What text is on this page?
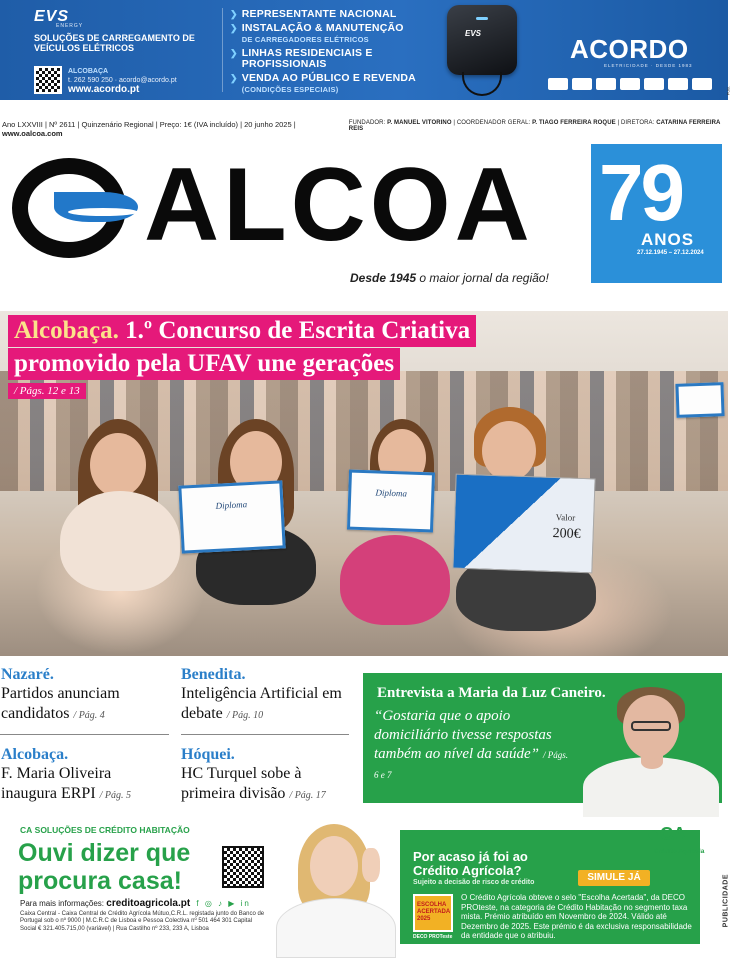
EVS
ENERGY
SOLUÇÕES DE CARREGAMENTO DE VEÍCULOS ELÉTRICOS
ALCOBAÇA
t. 262 590 250 · acordo@acordo.pt
www.acordo.pt
❯ REPRESENTANTE NACIONAL
❯ INSTALAÇÃO & MANUTENÇÃO
DE CARREGADORES ELÉTRICOS
❯ LINHAS RESIDENCIAIS E PROFISSIONAIS
❯ VENDA AO PÚBLICO E REVENDA (CONDIÇÕES ESPECIAIS)
EVS
ACORDO
ELETRICIDADE · DESDE 1983
PUB.
Ano LXXVIII | Nº 2611 | Quinzenário Regional | Preço: 1€ (IVA incluído) | 20 junho 2025 | www.oalcoa.com
FUNDADOR: P. MANUEL VITORINO | COORDENADOR GERAL: P. TIAGO FERREIRA ROQUE | DIRETORA: CATARINA FERREIRA REIS
ALCOA
Desde 1945 o maior jornal da região!
79
ANOS
27.12.1945 – 27.12.2024
Diploma
Diploma
Valor
200€
Alcobaça. 1.º Concurso de Escrita Criativa
promovido pela UFAV une gerações
/ Págs. 12 e 13
Nazaré.
Partidos anunciam candidatos / Pág. 4
Benedita.
Inteligência Artificial em debate / Pág. 10
Alcobaça.
F. Maria Oliveira inaugura ERPI / Pág. 5
Hóquei.
HC Turquel sobe à primeira divisão / Pág. 17
Entrevista a Maria da Luz Caneiro.
“Gostaria que o apoio domiciliário tivesse respostas também ao nível da saúde” / Págs. 6 e 7
CA SOLUÇÕES DE CRÉDITO HABITAÇÃO
Ouvi dizer que procura casa!
Para mais informações: creditoagricola.pt f ◎ ♪ ▶ in
Caixa Central - Caixa Central de Crédito Agrícola Mútuo,C.R.L. registada junto do Banco de Portugal sob o nº 9000 | M.C.R.C de Lisboa e Pessoa Colectiva nº 501 464 301 Capital Social € 321.405.715,00 (variável) | Rua Castilho nº 233, 233 A, Lisboa
Por acaso já foi ao Crédito Agrícola?
Sujeito a decisão de risco de crédito	SIMULE JÁ
ESCOLHA ACERTADA 2025
DECO PROTeste
O Crédito Agrícola obteve o selo "Escolha Acertada", da DECO PROteste, na categoria de Crédito Habitação no segmento taxa mista. Prémio atribuído em Novembro de 2024. Válido até Dezembro de 2025. Este prémio é da exclusiva responsabilidade da entidade que o atribuiu.
CA
Crédito Agrícola
PUBLICIDADE
